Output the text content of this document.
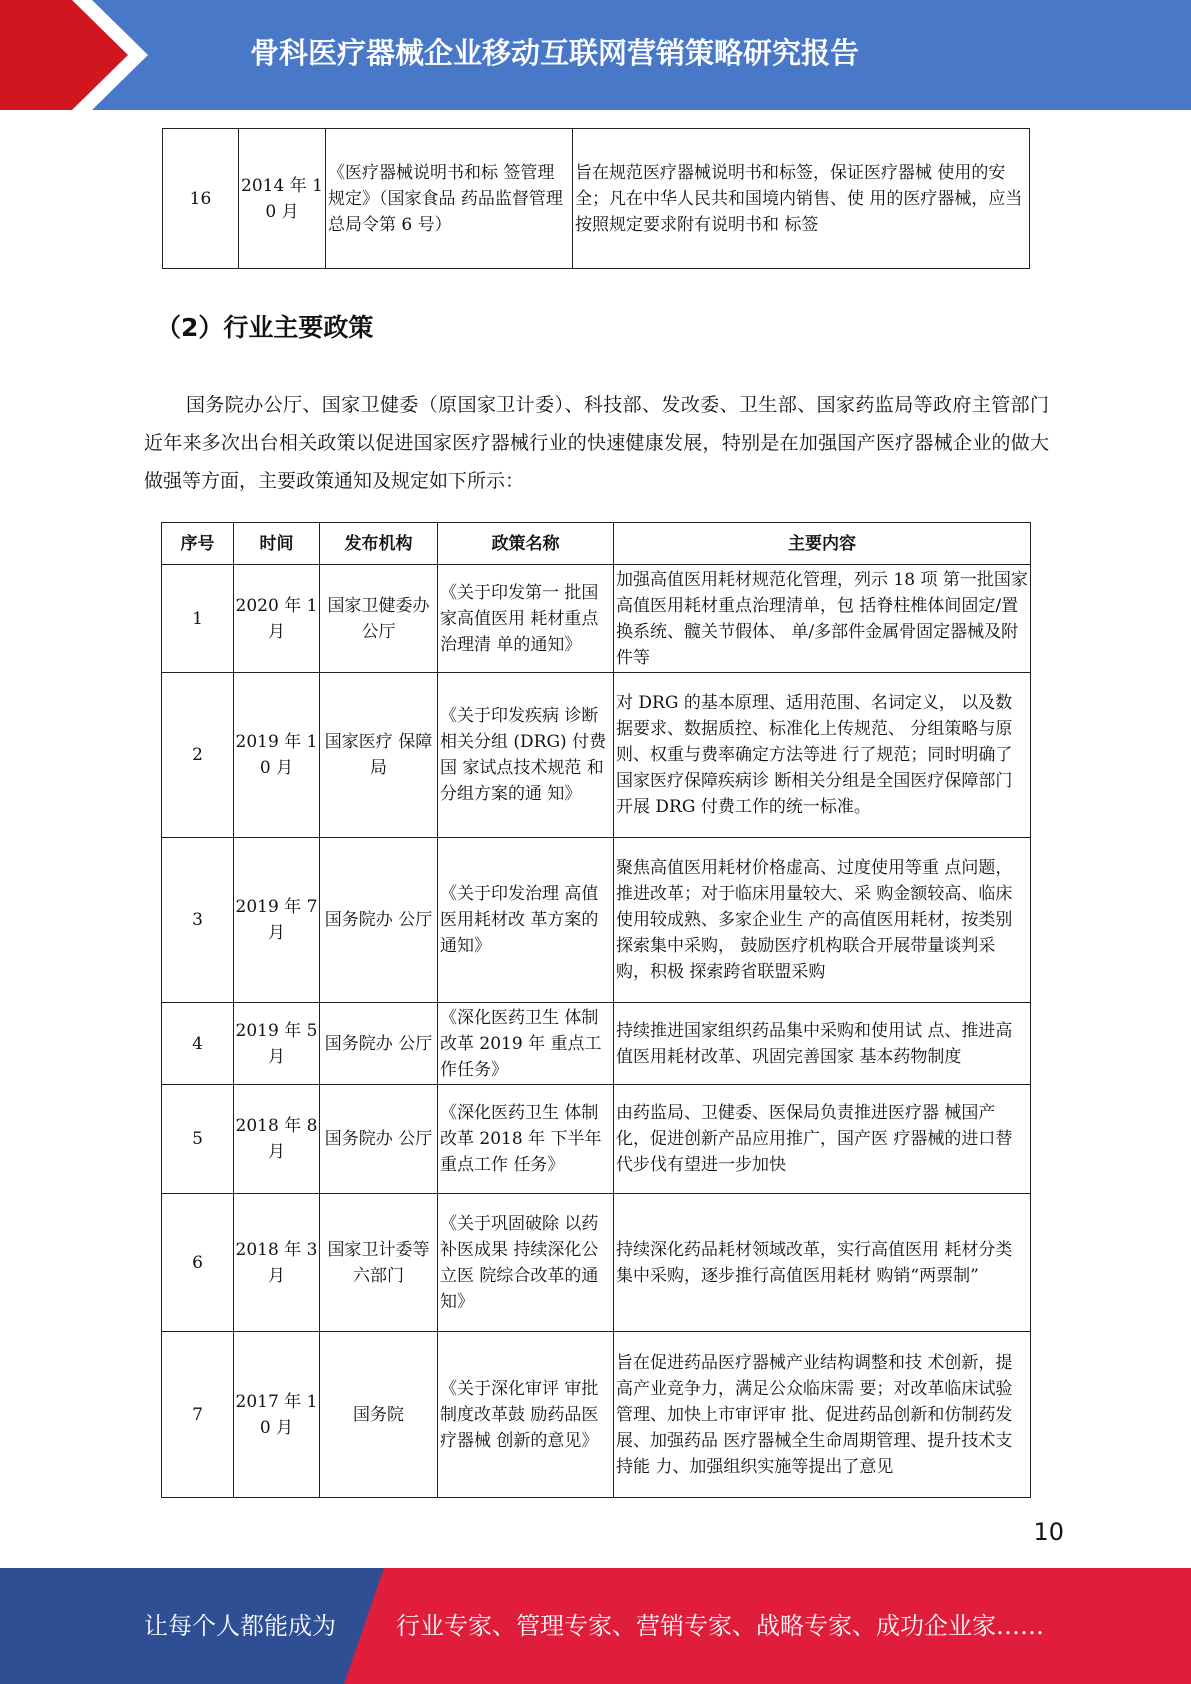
骨科医疗器械企业移动互联网营销策略研究报告
16	2014 年 10 月	《医疗器械说明书和标 签管理规定》（国家食品 药品监督管理总局令第 6 号）	旨在规范医疗器械说明书和标签，保证医疗器械 使用的安全；凡在中华人民共和国境内销售、使 用的医疗器械，应当按照规定要求附有说明书和 标签
（2）行业主要政策

国务院办公厅、国家卫健委（原国家卫计委）、科技部、发改委、卫生部、国家药监局等政府主管部门近年来多次出台相关政策以促进国家医疗器械行业的快速健康发展，特别是在加强国产医疗器械企业的做大做强等方面，主要政策通知及规定如下所示：

序号	时间	发布机构	政策名称	主要内容
1	2020 年 1 月	国家卫健委办公厅	《关于印发第一 批国家高值医用 耗材重点治理清 单的通知》	加强高值医用耗材规范化管理，列示 18 项 第一批国家高值医用耗材重点治理清单，包 括脊柱椎体间固定/置换系统、髋关节假体、 单/多部件金属骨固定器械及附件等
2	2019 年 10 月	国家医疗 保障局	《关于印发疾病 诊断相关分组 (DRG) 付费国 家试点技术规范 和分组方案的通 知》	对 DRG 的基本原理、适用范围、名词定义， 以及数据要求、数据质控、标准化上传规范、 分组策略与原则、权重与费率确定方法等进 行了规范；同时明确了国家医疗保障疾病诊 断相关分组是全国医疗保障部门开展 DRG 付费工作的统一标准。
3	2019 年 7 月	国务院办 公厅	《关于印发治理 高值医用耗材改 革方案的通知》	聚焦高值医用耗材价格虚高、过度使用等重 点问题，推进改革；对于临床用量较大、采 购金额较高、临床使用较成熟、多家企业生 产的高值医用耗材，按类别探索集中采购， 鼓励医疗机构联合开展带量谈判采购，积极 探索跨省联盟采购
4	2019 年 5 月	国务院办 公厅	《深化医药卫生 体制改革 2019 年 重点工作任务》	持续推进国家组织药品集中采购和使用试 点、推进高值医用耗材改革、巩固完善国家 基本药物制度
5	2018 年 8 月	国务院办 公厅	《深化医药卫生 体制改革 2018 年 下半年重点工作 任务》	由药监局、卫健委、医保局负责推进医疗器 械国产化，促进创新产品应用推广，国产医 疗器械的进口替代步伐有望进一步加快
6	2018 年 3 月	国家卫计委等六部门	《关于巩固破除 以药补医成果 持续深化公立医 院综合改革的通 知》	持续深化药品耗材领域改革，实行高值医用 耗材分类集中采购，逐步推行高值医用耗材 购销“两票制”
7	2017 年 10 月	国务院	《关于深化审评 审批制度改革鼓 励药品医疗器械 创新的意见》	旨在促进药品医疗器械产业结构调整和技 术创新，提高产业竞争力，满足公众临床需 要；对改革临床试验管理、加快上市审评审 批、促进药品创新和仿制药发展、加强药品 医疗器械全生命周期管理、提升技术支持能 力、加强组织实施等提出了意见
10
让每个人都能成为	行业专家、管理专家、营销专家、战略专家、成功企业家……
